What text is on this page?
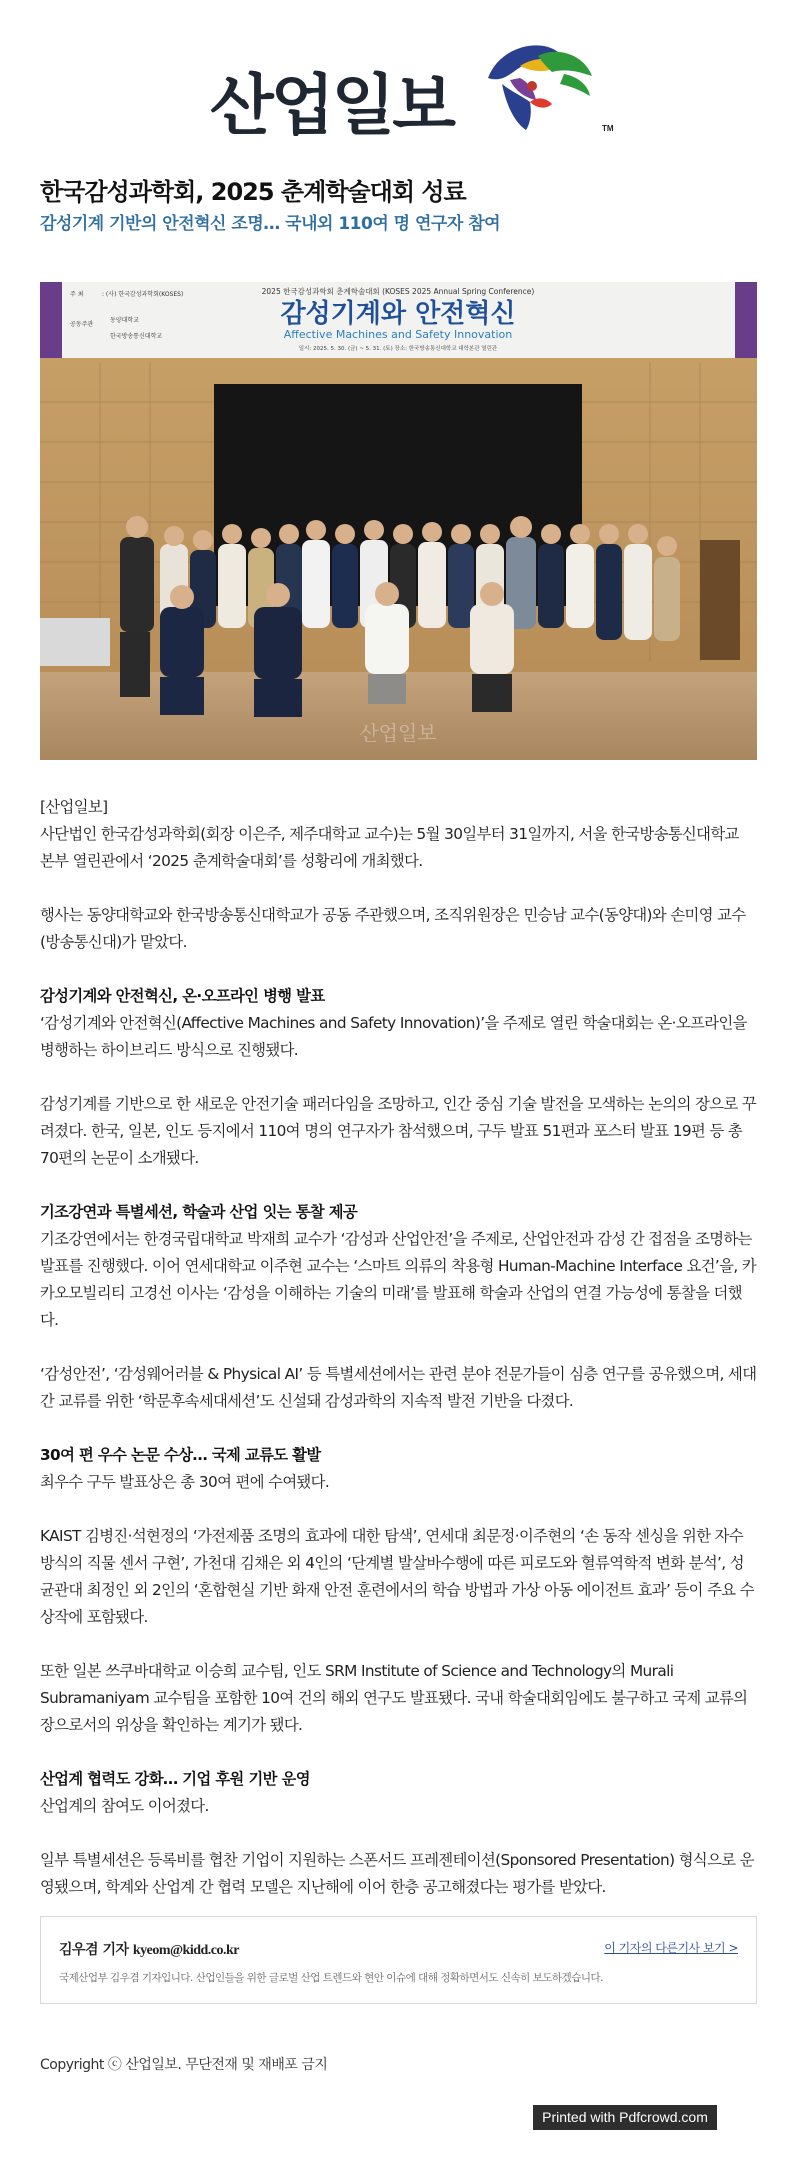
산업일보	TM
한국감성과학회, 2025 춘계학술대회 성료
감성기계 기반의 안전혁신 조명… 국내외 110여 명 연구자 참여
2025 한국감성과학회 춘계학술대회 (KOSES 2025 Annual Spring Conference)
감성기계와 안전혁신
Affective Machines and Safety Innovation
일시: 2025. 5. 30. (금) ~ 5. 31. (토) 장소: 한국방송통신대학교 대학본관 열린관
주 최	: (사) 한국감성과학회(KOSES)
공동주관
동양대학교
한국방송통신대학교
산업일보

[산업일보]

사단법인 한국감성과학회(회장 이은주, 제주대학교 교수)는 5월 30일부터 31일까지, 서울 한국방송통신대학교 본부 열린관에서 ‘2025 춘계학술대회’를 성황리에 개최했다.

행사는 동양대학교와 한국방송통신대학교가 공동 주관했으며, 조직위원장은 민승남 교수(동양대)와 손미영 교수(방송통신대)가 맡았다.

감성기계와 안전혁신, 온·오프라인 병행 발표

‘감성기계와 안전혁신(Affective Machines and Safety Innovation)’을 주제로 열린 학술대회는 온·오프라인을 병행하는 하이브리드 방식으로 진행됐다.

감성기계를 기반으로 한 새로운 안전기술 패러다임을 조망하고, 인간 중심 기술 발전을 모색하는 논의의 장으로 꾸려졌다. 한국, 일본, 인도 등지에서 110여 명의 연구자가 참석했으며, 구두 발표 51편과 포스터 발표 19편 등 총 70편의 논문이 소개됐다.

기조강연과 특별세션, 학술과 산업 잇는 통찰 제공

기조강연에서는 한경국립대학교 박재희 교수가 ‘감성과 산업안전’을 주제로, 산업안전과 감성 간 접점을 조명하는 발표를 진행했다. 이어 연세대학교 이주현 교수는 ‘스마트 의류의 착용형 Human-Machine Interface 요건’을, 카카오모빌리티 고경선 이사는 ‘감성을 이해하는 기술의 미래’를 발표해 학술과 산업의 연결 가능성에 통찰을 더했다.

‘감성안전’, ‘감성웨어러블 & Physical AI’ 등 특별세션에서는 관련 분야 전문가들이 심층 연구를 공유했으며, 세대 간 교류를 위한 ‘학문후속세대세션’도 신설돼 감성과학의 지속적 발전 기반을 다졌다.

30여 편 우수 논문 수상… 국제 교류도 활발

최우수 구두 발표상은 총 30여 편에 수여됐다.

KAIST 김병진·석현정의 ‘가전제품 조명의 효과에 대한 탐색’, 연세대 최문정·이주현의 ‘손 동작 센싱을 위한 자수 방식의 직물 센서 구현’, 가천대 김채은 외 4인의 ‘단계별 발살바수행에 따른 피로도와 혈류역학적 변화 분석’, 성균관대 최정인 외 2인의 ‘혼합현실 기반 화재 안전 훈련에서의 학습 방법과 가상 아동 에이전트 효과’ 등이 주요 수상작에 포함됐다.

또한 일본 쓰쿠바대학교 이승희 교수팀, 인도 SRM Institute of Science and Technology의 Murali Subramaniyam 교수팀을 포함한 10여 건의 해외 연구도 발표됐다. 국내 학술대회임에도 불구하고 국제 교류의 장으로서의 위상을 확인하는 계기가 됐다.

산업계 협력도 강화… 기업 후원 기반 운영

산업계의 참여도 이어졌다.

일부 특별세션은 등록비를 협찬 기업이 지원하는 스폰서드 프레젠테이션(Sponsored Presentation) 형식으로 운영됐으며, 학계와 산업계 간 협력 모델은 지난해에 이어 한층 공고해졌다는 평가를 받았다.

김우겸 기자 kyeom@kidd.co.kr	이 기자의 다른기사 보기 >
국제산업부 김우겸 기자입니다. 산업인들을 위한 글로벌 산업 트렌드와 현안 이슈에 대해 정확하면서도 신속히 보도하겠습니다.
Copyright ⓒ 산업일보. 무단전재 및 재배포 금지
Printed with Pdfcrowd.com
